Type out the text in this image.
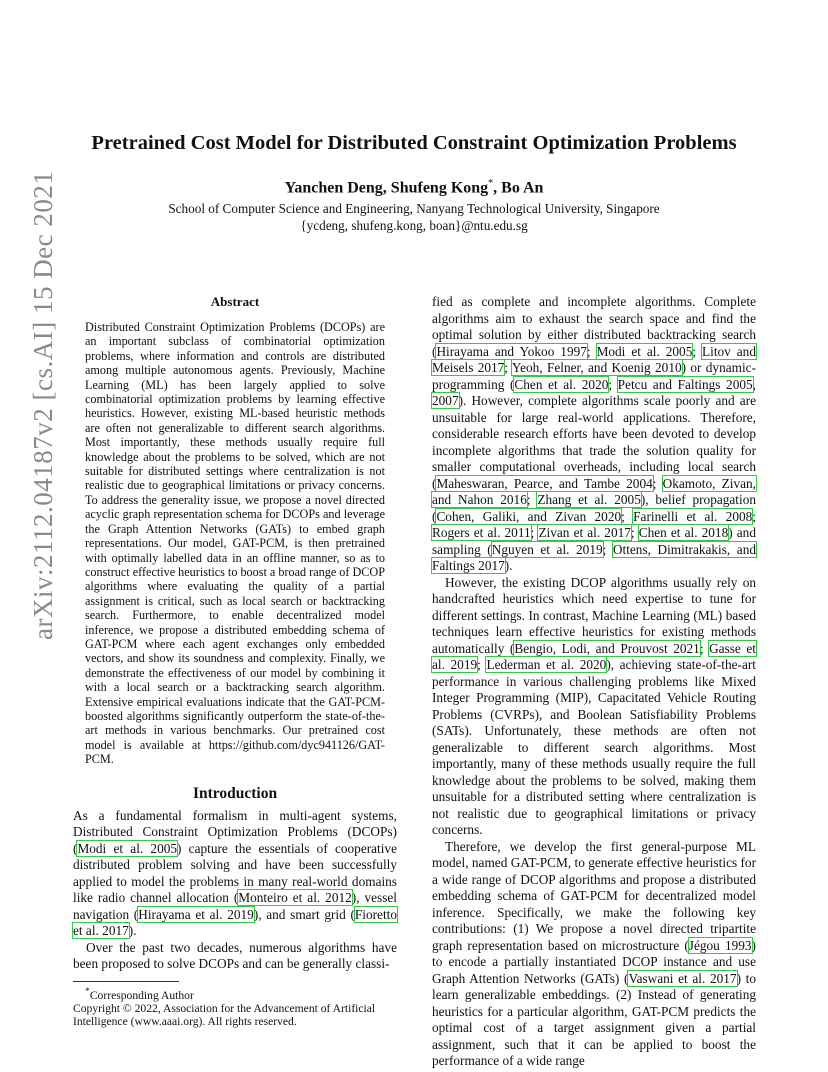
arXiv:2112.04187v2 [cs.AI] 15 Dec 2021
Pretrained Cost Model for Distributed Constraint Optimization Problems
Yanchen Deng, Shufeng Kong*, Bo An
School of Computer Science and Engineering, Nanyang Technological University, Singapore
{ycdeng, shufeng.kong, boan}@ntu.edu.sg
Abstract
Distributed Constraint Optimization Problems (DCOPs) are an important subclass of combinatorial optimization problems, where information and controls are distributed among multiple autonomous agents. Previously, Machine Learning (ML) has been largely applied to solve combinatorial optimization problems by learning effective heuristics. However, existing ML-based heuristic methods are often not generalizable to different search algorithms. Most importantly, these methods usually require full knowledge about the problems to be solved, which are not suitable for distributed settings where centralization is not realistic due to geographical limitations or privacy concerns. To address the generality issue, we propose a novel directed acyclic graph representation schema for DCOPs and leverage the Graph Attention Networks (GATs) to embed graph representations. Our model, GAT-PCM, is then pretrained with optimally labelled data in an offline manner, so as to construct effective heuristics to boost a broad range of DCOP algorithms where evaluating the quality of a partial assignment is critical, such as local search or backtracking search. Furthermore, to enable decentralized model inference, we propose a distributed embedding schema of GAT-PCM where each agent exchanges only embedded vectors, and show its soundness and complexity. Finally, we demonstrate the effectiveness of our model by combining it with a local search or a backtracking search algorithm. Extensive empirical evaluations indicate that the GAT-PCM-boosted algorithms significantly outperform the state-of-the-art methods in various benchmarks. Our pretrained cost model is available at https://github.com/dyc941126/GAT-PCM.
Introduction

As a fundamental formalism in multi-agent systems, Distributed Constraint Optimization Problems (DCOPs) (Modi et al. 2005) capture the essentials of cooperative distributed problem solving and have been successfully applied to model the problems in many real-world domains like radio channel allocation (Monteiro et al. 2012), vessel navigation (Hirayama et al. 2019), and smart grid (Fioretto et al. 2017).

Over the past two decades, numerous algorithms have been proposed to solve DCOPs and can be generally classi-

*Corresponding Author
Copyright © 2022, Association for the Advancement of Artificial
Intelligence (www.aaai.org). All rights reserved.

fied as complete and incomplete algorithms. Complete algorithms aim to exhaust the search space and find the optimal solution by either distributed backtracking search (Hirayama and Yokoo 1997; Modi et al. 2005; Litov and Meisels 2017; Yeoh, Felner, and Koenig 2010) or dynamic-programming (Chen et al. 2020; Petcu and Faltings 2005, 2007). However, complete algorithms scale poorly and are unsuitable for large real-world applications. Therefore, considerable research efforts have been devoted to develop incomplete algorithms that trade the solution quality for smaller computational overheads, including local search (Maheswaran, Pearce, and Tambe 2004; Okamoto, Zivan, and Nahon 2016; Zhang et al. 2005), belief propagation (Cohen, Galiki, and Zivan 2020; Farinelli et al. 2008; Rogers et al. 2011; Zivan et al. 2017; Chen et al. 2018) and sampling (Nguyen et al. 2019; Ottens, Dimitrakakis, and Faltings 2017).

However, the existing DCOP algorithms usually rely on handcrafted heuristics which need expertise to tune for different settings. In contrast, Machine Learning (ML) based techniques learn effective heuristics for existing methods automatically (Bengio, Lodi, and Prouvost 2021; Gasse et al. 2019; Lederman et al. 2020), achieving state-of-the-art performance in various challenging problems like Mixed Integer Programming (MIP), Capacitated Vehicle Routing Problems (CVRPs), and Boolean Satisfiability Problems (SATs). Unfortunately, these methods are often not generalizable to different search algorithms. Most importantly, many of these methods usually require the full knowledge about the problems to be solved, making them unsuitable for a distributed setting where centralization is not realistic due to geographical limitations or privacy concerns.

Therefore, we develop the first general-purpose ML model, named GAT-PCM, to generate effective heuristics for a wide range of DCOP algorithms and propose a distributed embedding schema of GAT-PCM for decentralized model inference. Specifically, we make the following key contributions: (1) We propose a novel directed tripartite graph representation based on microstructure (Jégou 1993) to encode a partially instantiated DCOP instance and use Graph Attention Networks (GATs) (Vaswani et al. 2017) to learn generalizable embeddings. (2) Instead of generating heuristics for a particular algorithm, GAT-PCM predicts the optimal cost of a target assignment given a partial assignment, such that it can be applied to boost the performance of a wide range
